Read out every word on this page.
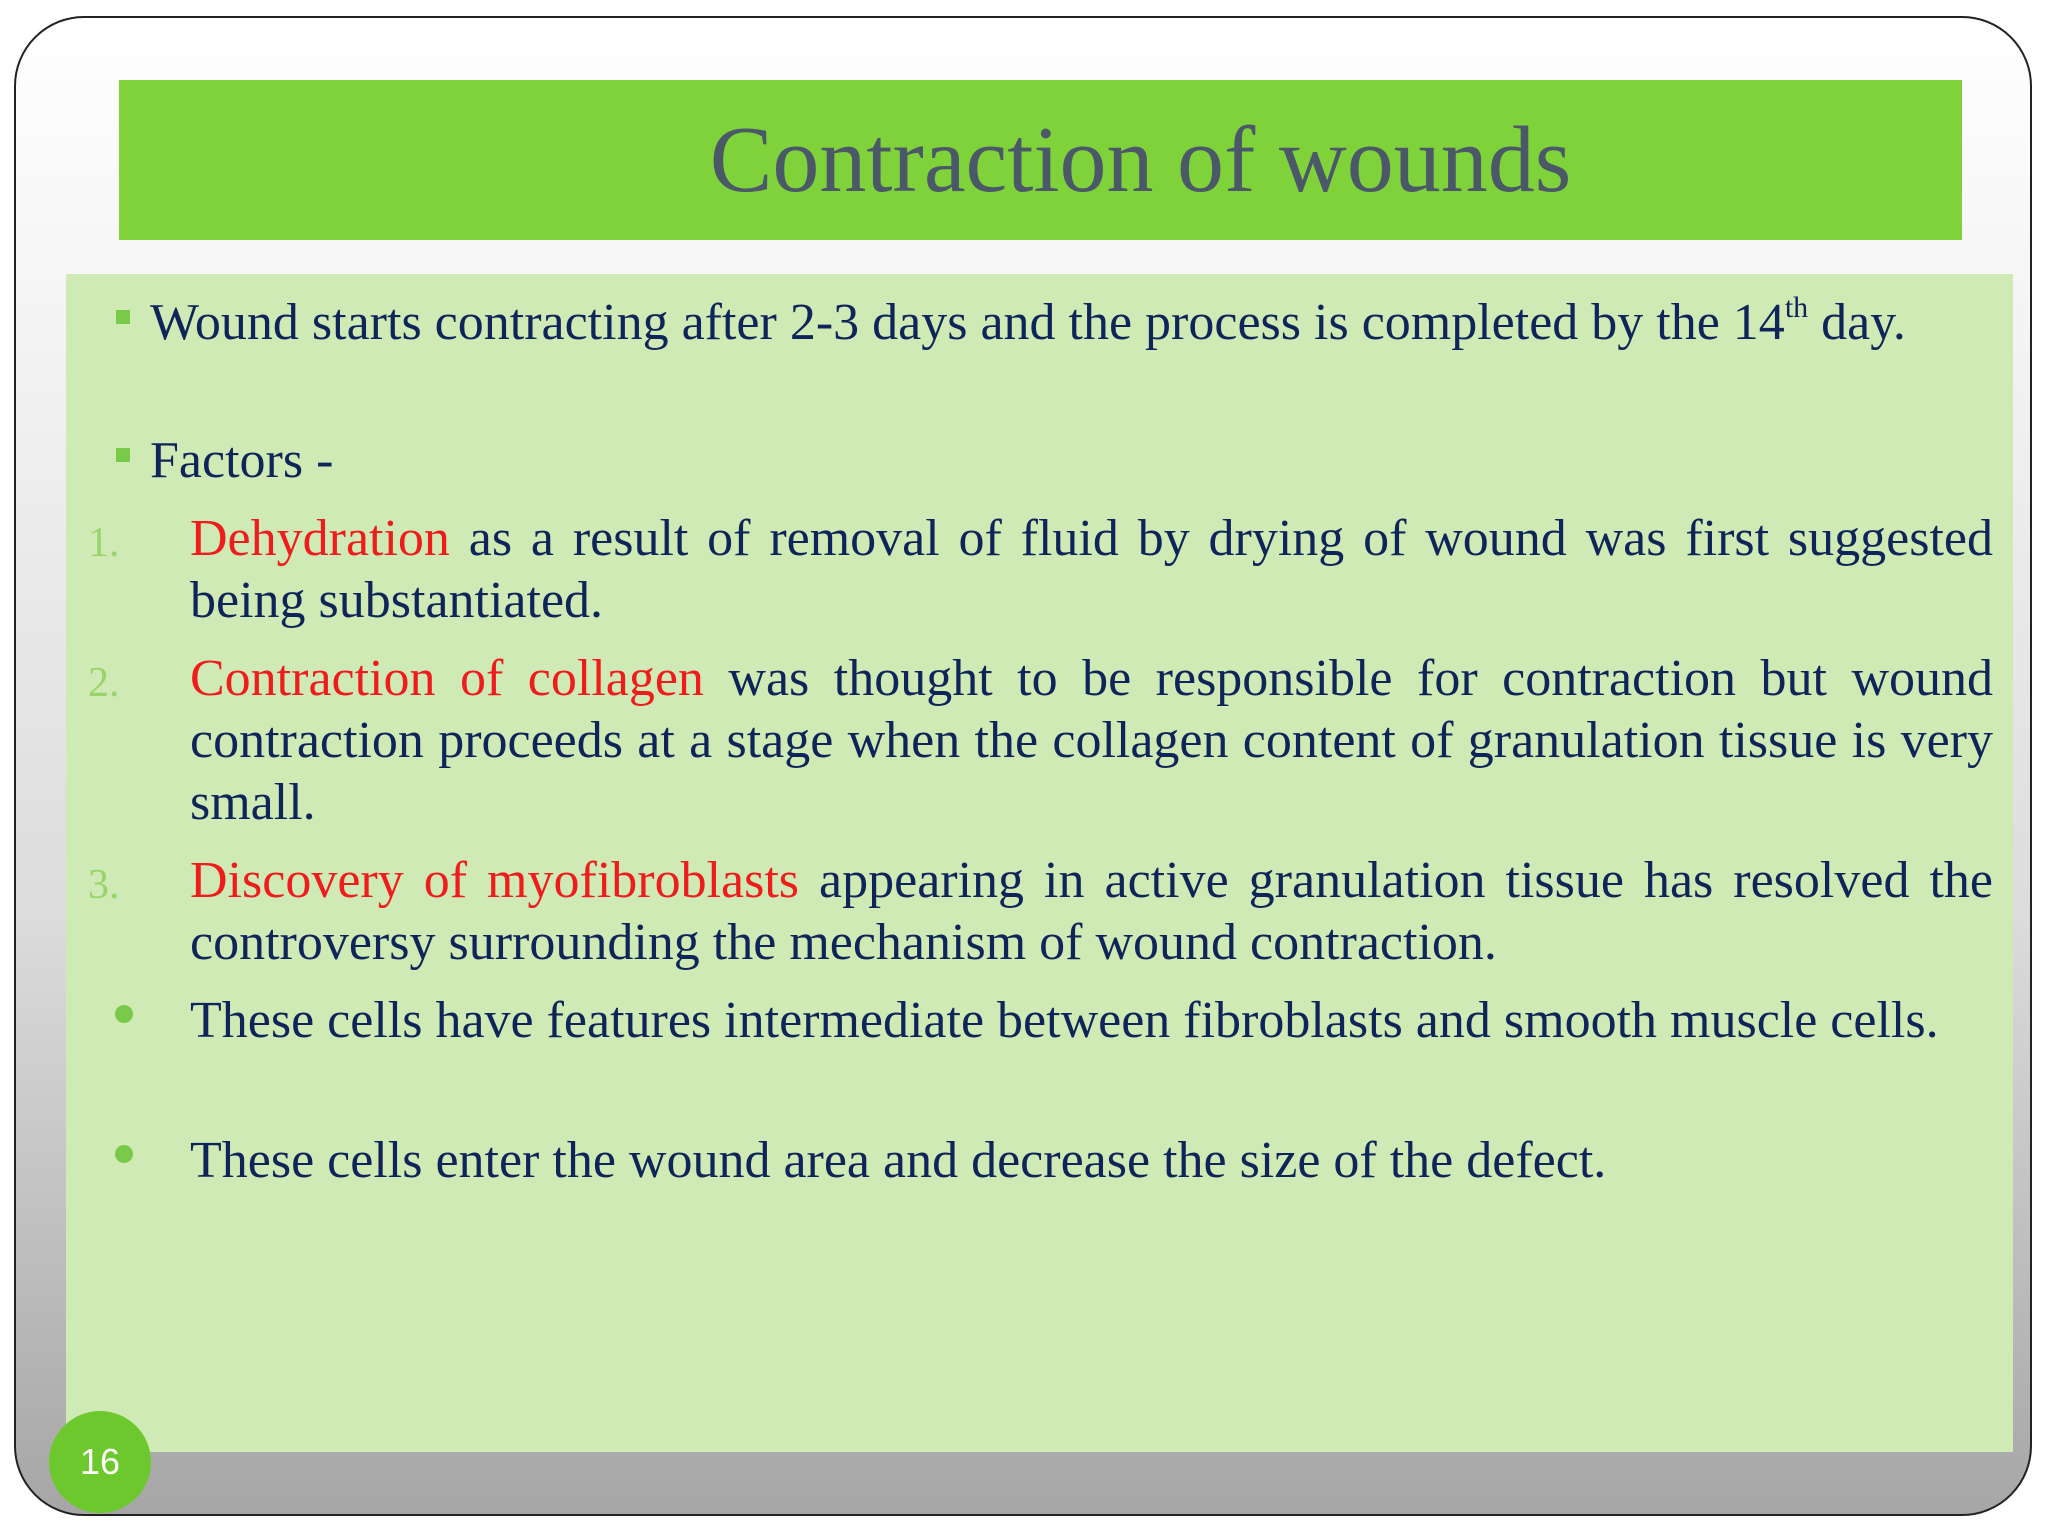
Contraction of wounds
Wound starts contracting after 2-3 days and the process is completed by the 14th day.
Factors -
1. Dehydration as a result of removal of fluid by drying of wound was first suggested being substantiated.
2. Contraction of collagen was thought to be responsible for contraction but wound contraction proceeds at a stage when the collagen content of granulation tissue is very small.
3. Discovery of myofibroblasts appearing in active granulation tissue has resolved the controversy surrounding the mechanism of wound contraction.
These cells have features intermediate between fibroblasts and smooth muscle cells.
These cells enter the wound area and decrease the size of the defect.
16
